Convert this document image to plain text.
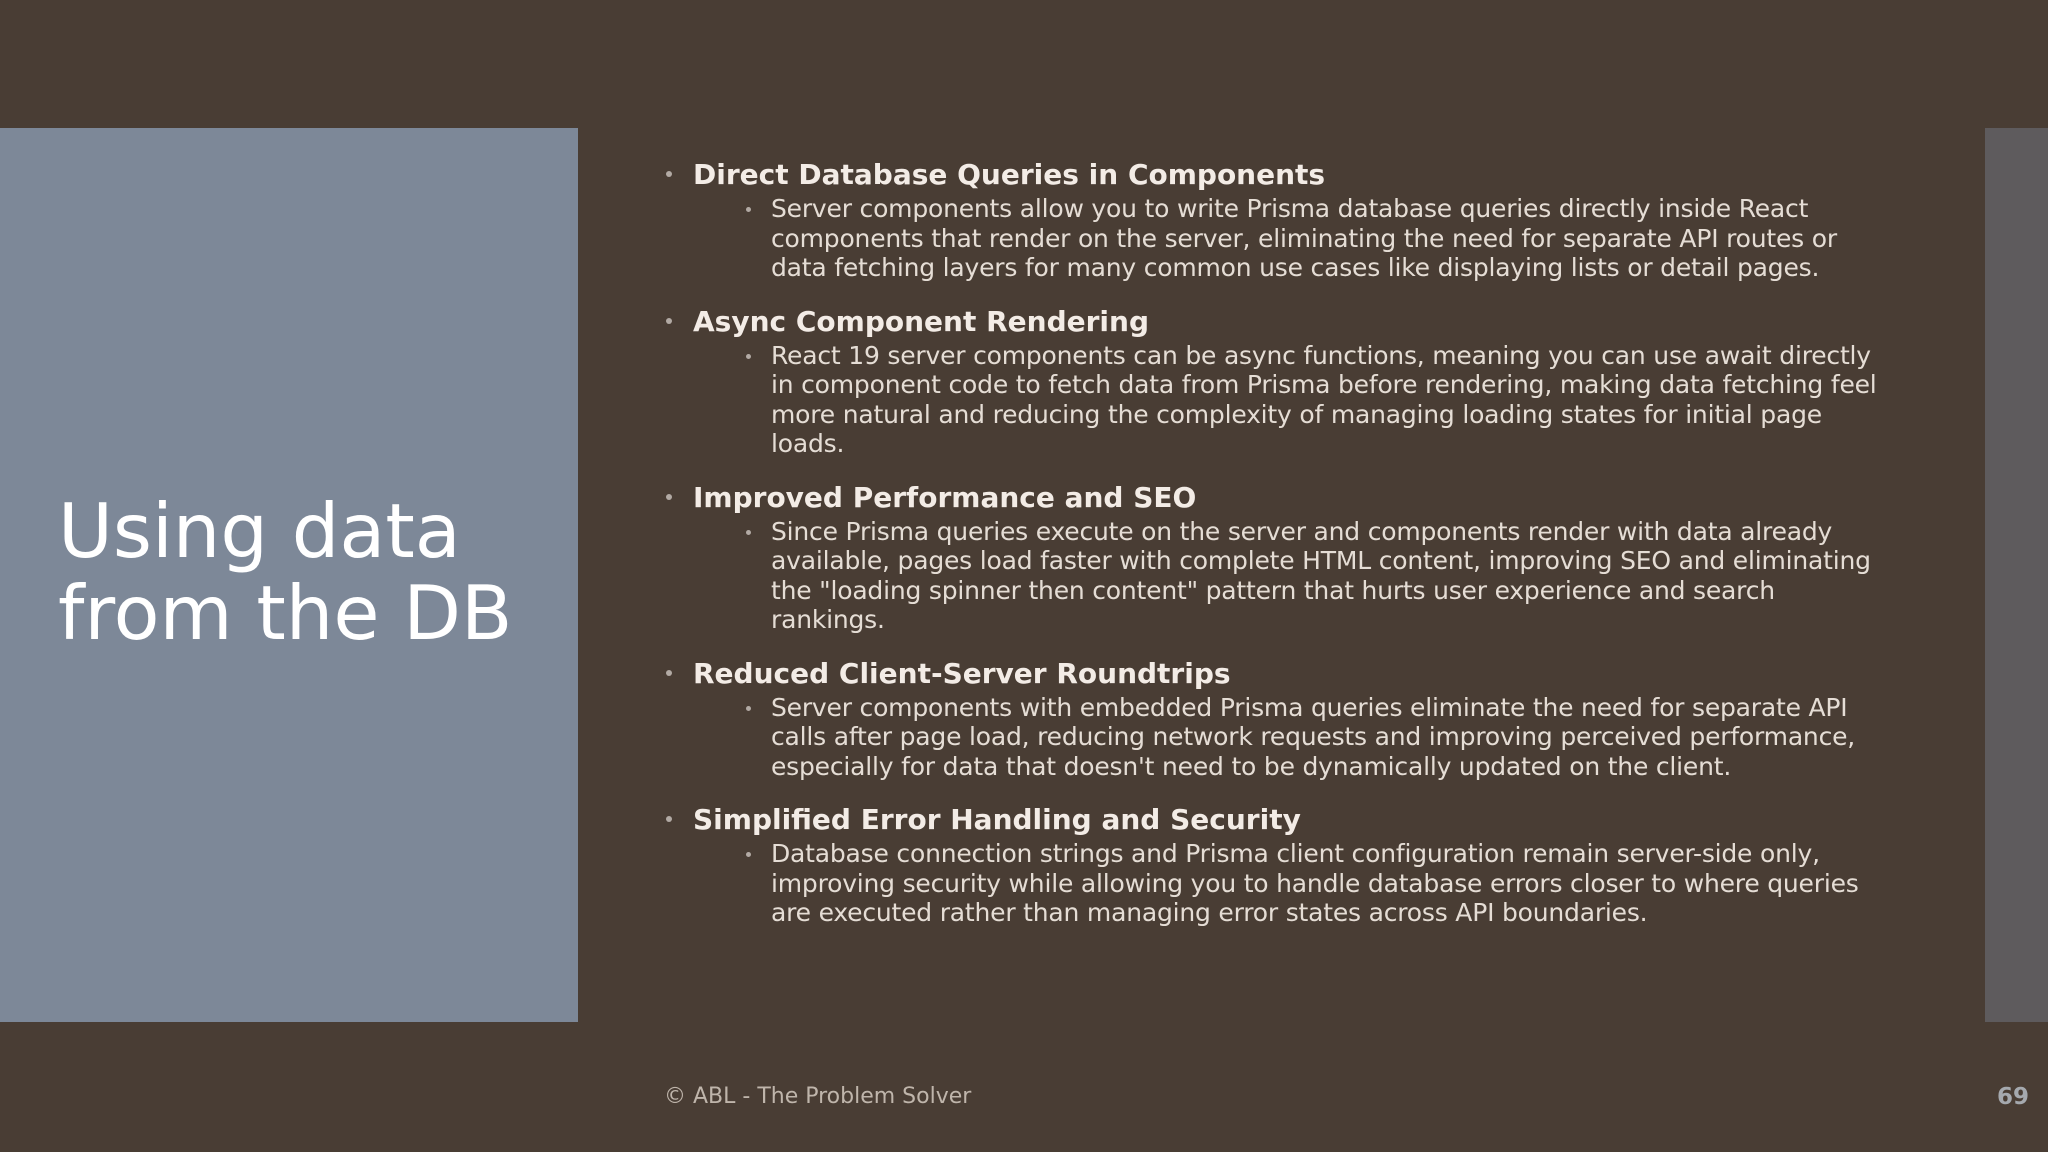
Using data
from the DB
Direct Database Queries in Components
Server components allow you to write Prisma database queries directly inside React components that render on the server, eliminating the need for separate API routes or data fetching layers for many common use cases like displaying lists or detail pages.
Async Component Rendering
React 19 server components can be async functions, meaning you can use await directly in component code to fetch data from Prisma before rendering, making data fetching feel more natural and reducing the complexity of managing loading states for initial page loads.
Improved Performance and SEO
Since Prisma queries execute on the server and components render with data already available, pages load faster with complete HTML content, improving SEO and eliminating the "loading spinner then content" pattern that hurts user experience and search rankings.
Reduced Client-Server Roundtrips
Server components with embedded Prisma queries eliminate the need for separate API calls after page load, reducing network requests and improving perceived performance, especially for data that doesn't need to be dynamically updated on the client.
Simplified Error Handling and Security
Database connection strings and Prisma client configuration remain server-side only, improving security while allowing you to handle database errors closer to where queries are executed rather than managing error states across API boundaries.
© ABL - The Problem Solver	69
